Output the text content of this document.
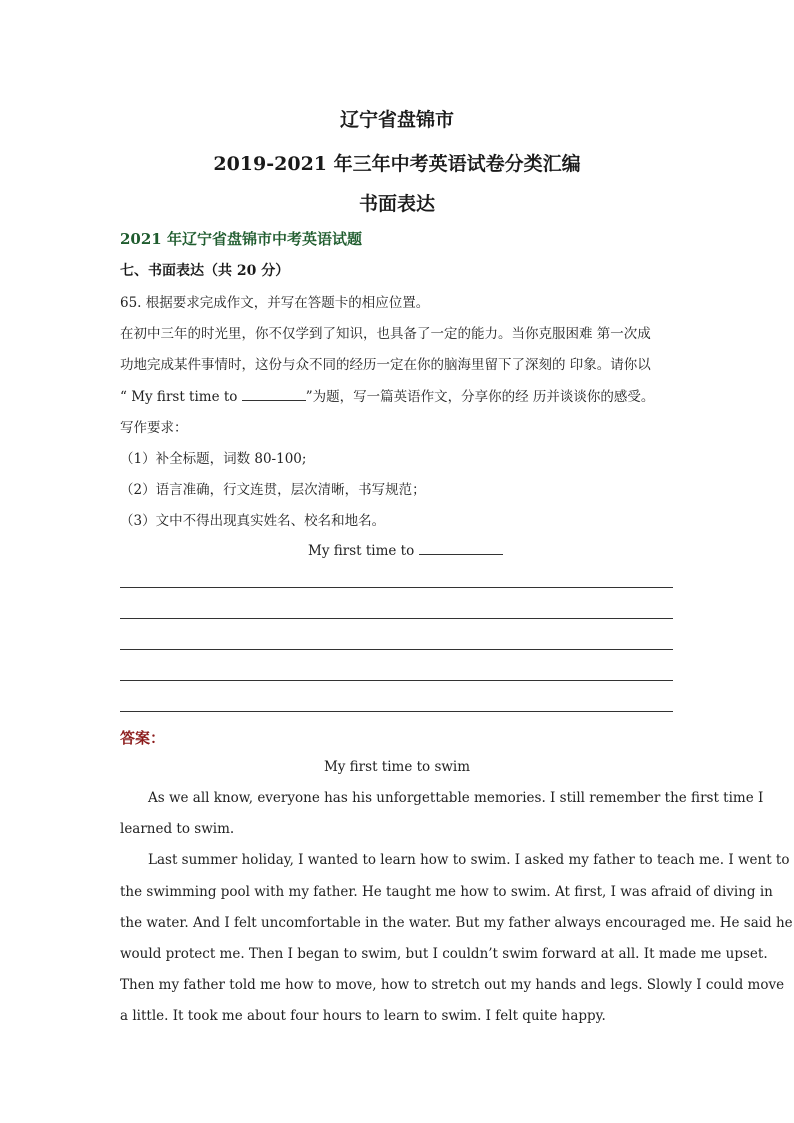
辽宁省盘锦市
2019-2021 年三年中考英语试卷分类汇编
书面表达
2021 年辽宁省盘锦市中考英语试题
七、书面表达（共 20 分）
65. 根据要求完成作文，并写在答题卡的相应位置。
在初中三年的时光里，你不仅学到了知识，也具备了一定的能力。当你克服困难 第一次成
功地完成某件事情时，这份与众不同的经历一定在你的脑海里留下了深刻的 印象。请你以
“ My first time to	”为题，写一篇英语作文，分享你的经 历并谈谈你的感受。
写作要求：
（1）补全标题，词数 80-100;
（2）语言准确，行文连贯，层次清晰，书写规范；
（3）文中不得出现真实姓名、校名和地名。
My first time to
答案：
My first time to swim
As we all know, everyone has his unforgettable memories. I still remember the first time I
learned to swim.
Last summer holiday, I wanted to learn how to swim. I asked my father to teach me. I went to
the swimming pool with my father. He taught me how to swim. At first, I was afraid of diving in
the water. And I felt uncomfortable in the water. But my father always encouraged me. He said he
would protect me. Then I began to swim, but I couldn’t swim forward at all. It made me upset.
Then my father told me how to move, how to stretch out my hands and legs. Slowly I could move
a little. It took me about four hours to learn to swim. I felt quite happy.
